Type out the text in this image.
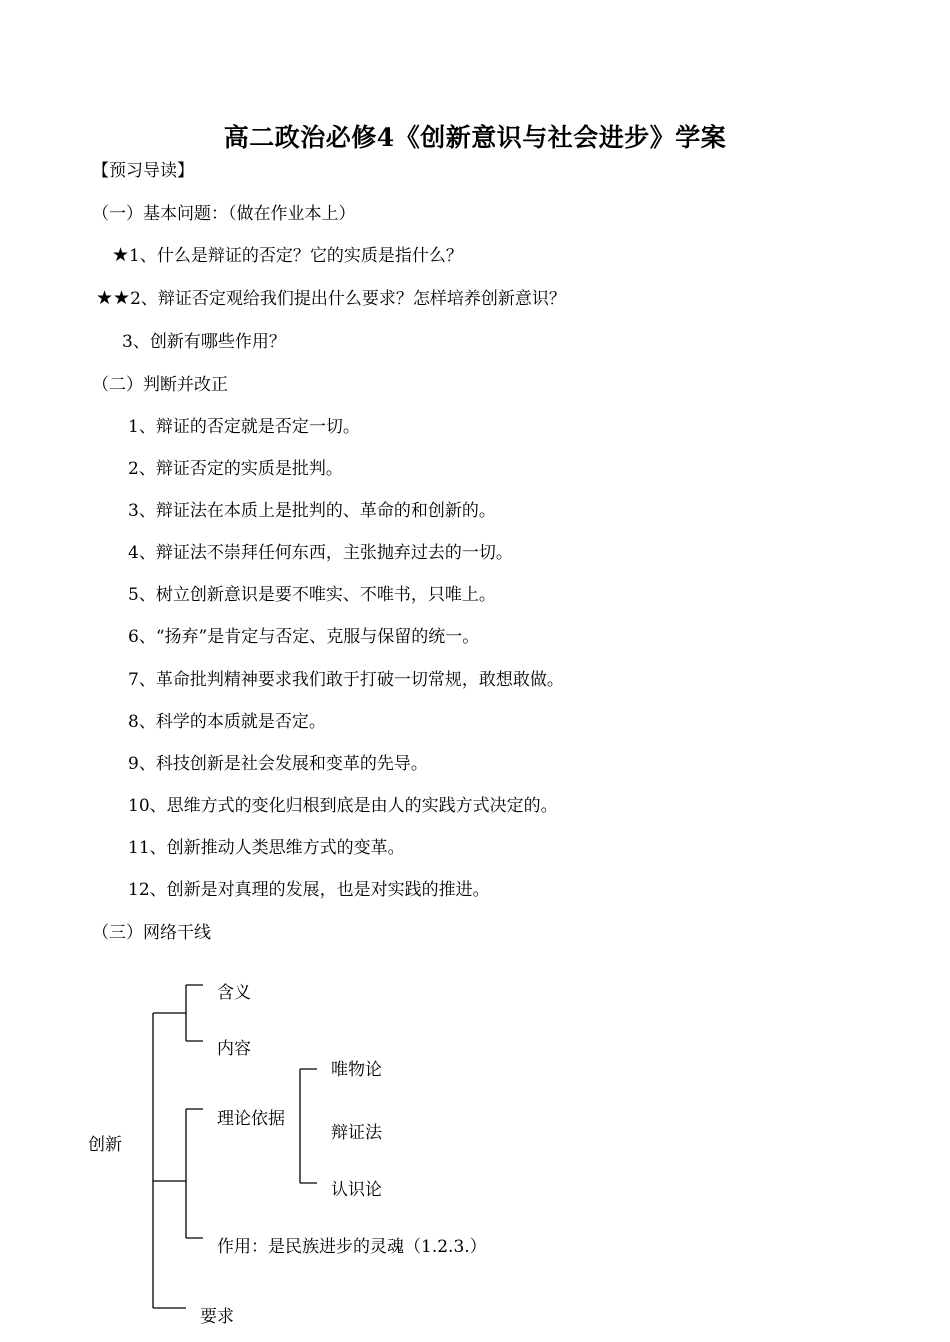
高二政治必修4《创新意识与社会进步》学案
【预习导读】
（一）基本问题：（做在作业本上）
★1、什么是辩证的否定？它的实质是指什么？
★★2、辩证否定观给我们提出什么要求？怎样培养创新意识？
3、创新有哪些作用？
（二）判断并改正
1、辩证的否定就是否定一切。
2、辩证否定的实质是批判。
3、辩证法在本质上是批判的、革命的和创新的。
4、辩证法不崇拜任何东西，主张抛弃过去的一切。
5、树立创新意识是要不唯实、不唯书，只唯上。
6、“扬弃”是肯定与否定、克服与保留的统一。
7、革命批判精神要求我们敢于打破一切常规，敢想敢做。
8、科学的本质就是否定。
9、科技创新是社会发展和变革的先导。
10、思维方式的变化归根到底是由人的实践方式决定的。
11、创新推动人类思维方式的变革。
12、创新是对真理的发展，也是对实践的推进。
（三）网络干线
创新
含义
内容
理论依据
唯物论
辩证法
认识论
作用：是民族进步的灵魂（1.2.3.）
要求
